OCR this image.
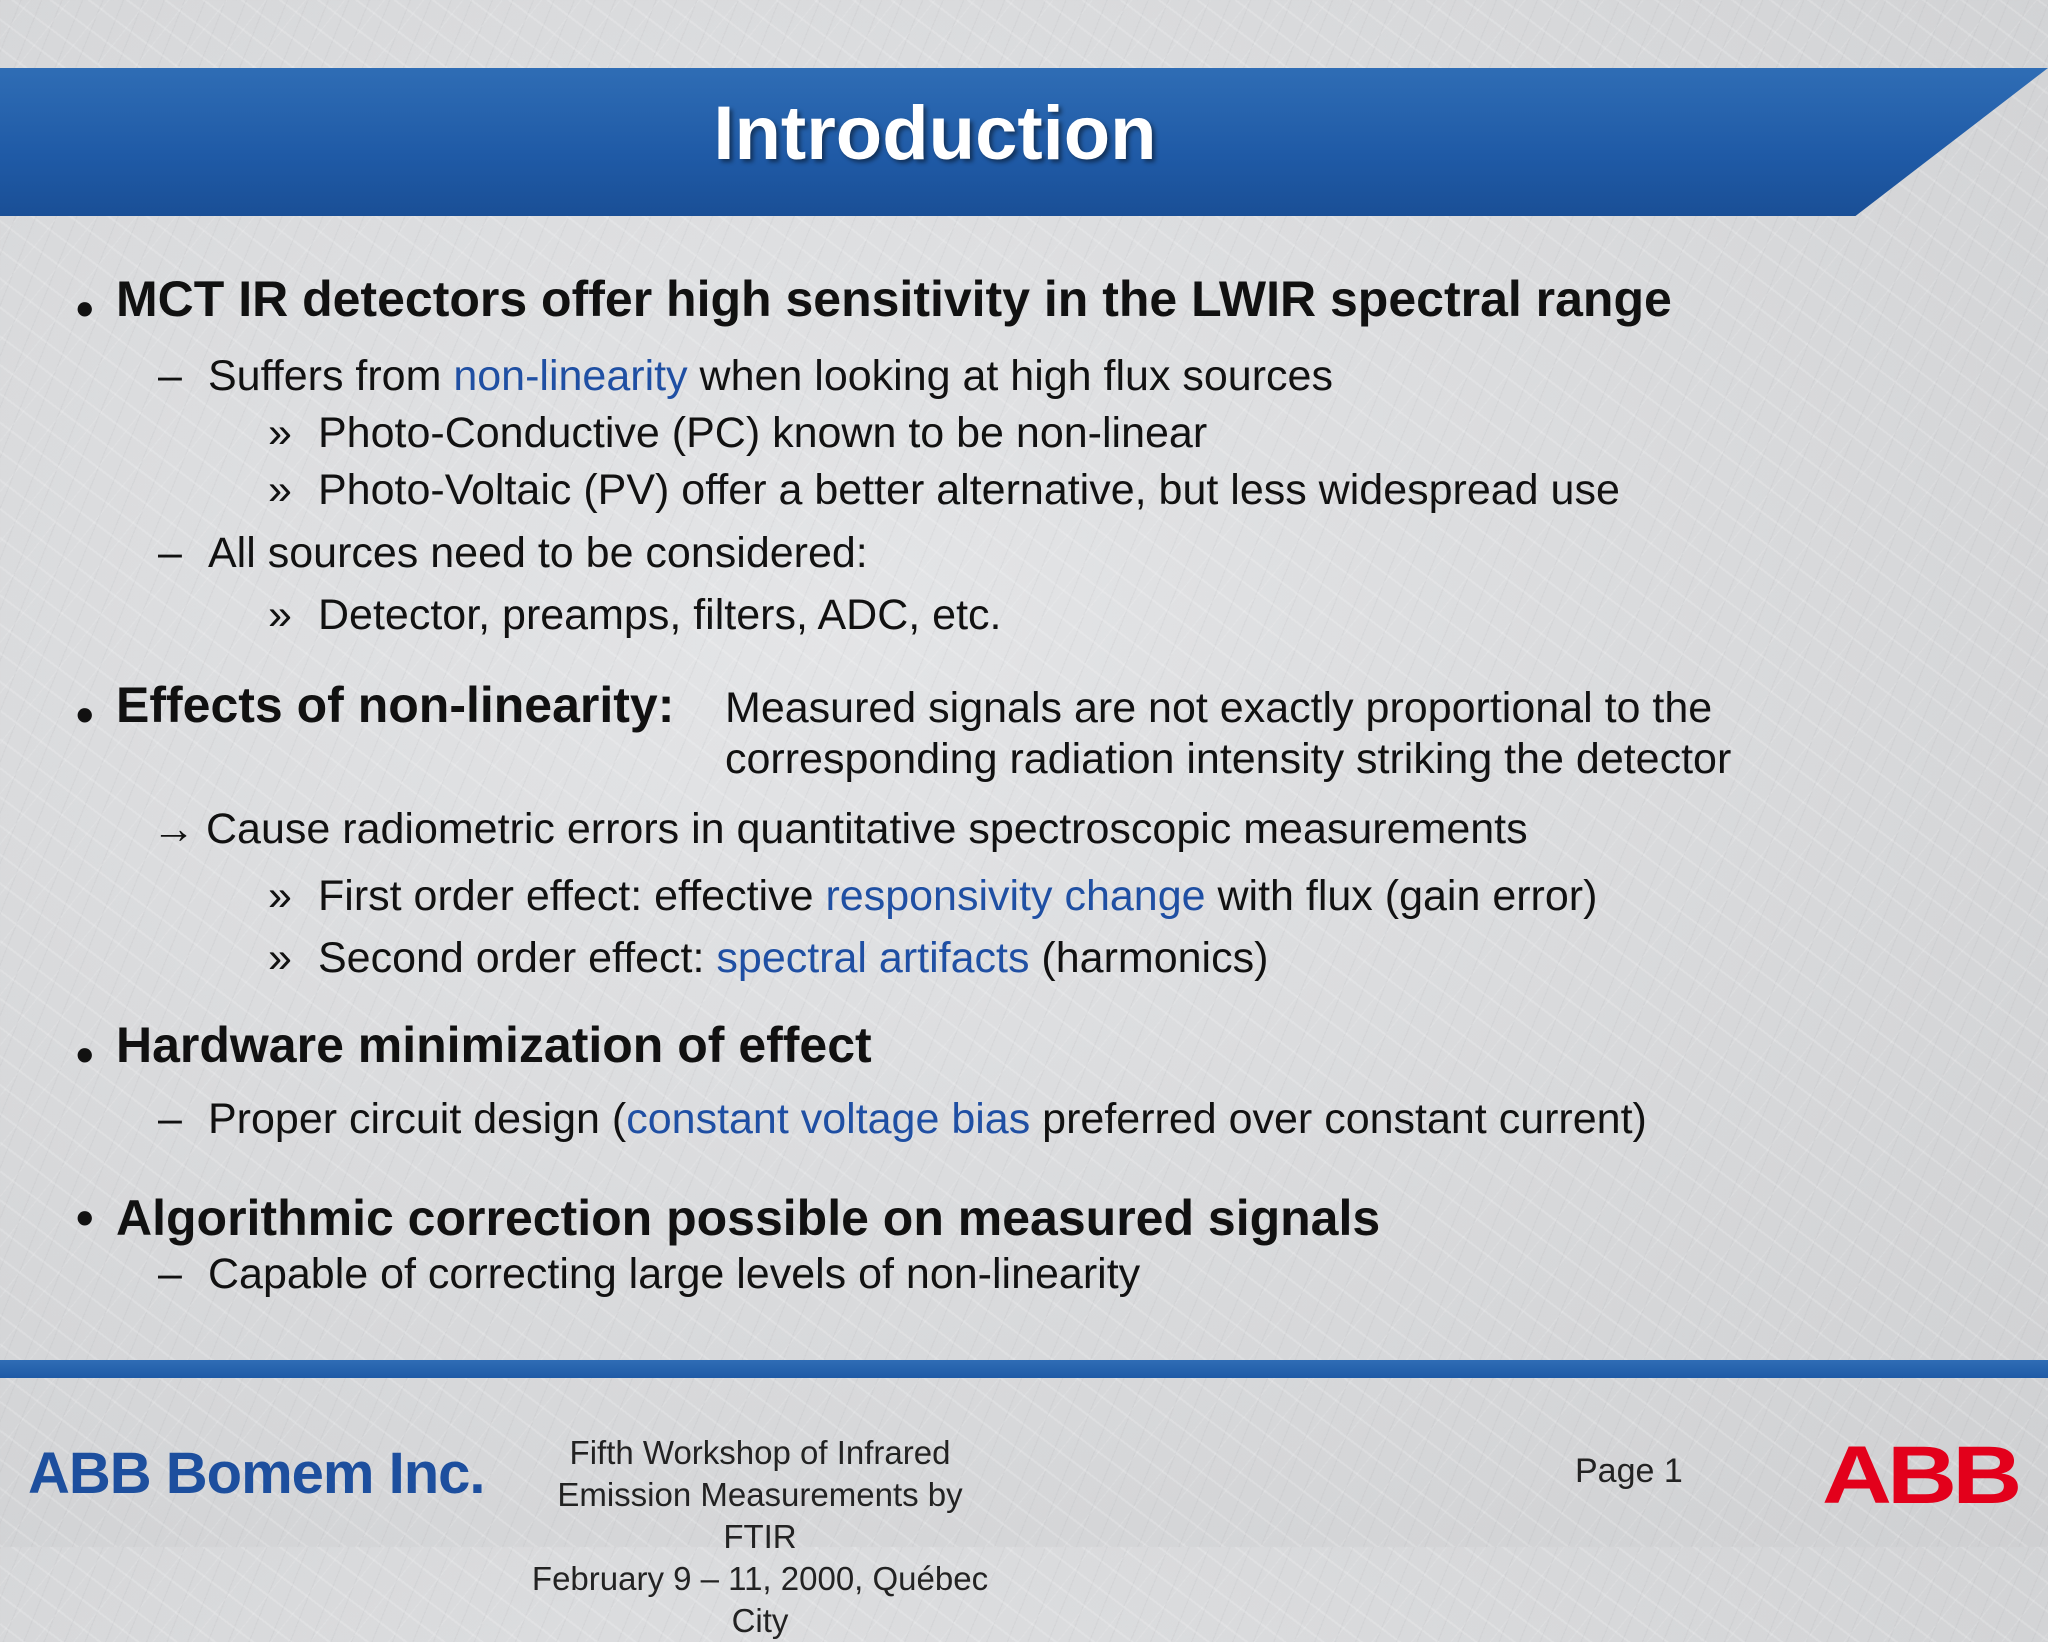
Introduction
• MCT IR detectors offer high sensitivity in the LWIR spectral range
– Suffers from non-linearity when looking at high flux sources
» Photo-Conductive (PC) known to be non-linear
» Photo-Voltaic (PV) offer a better alternative, but less widespread use
– All sources need to be considered:
» Detector, preamps, filters, ADC, etc.
• Effects of non-linearity: Measured signals are not exactly proportional to the
corresponding radiation intensity striking the detector
→ Cause radiometric errors in quantitative spectroscopic measurements
» First order effect: effective responsivity change with flux (gain error)
» Second order effect: spectral artifacts (harmonics)
• Hardware minimization of effect
– Proper circuit design (constant voltage bias preferred over constant current)
• Algorithmic correction possible on measured signals
– Capable of correcting large levels of non-linearity
ABB Bomem Inc.	Fifth Workshop of Infrared Emission Measurements by FTIR
February 9 – 11, 2000, Québec City
Page 1 ABB
